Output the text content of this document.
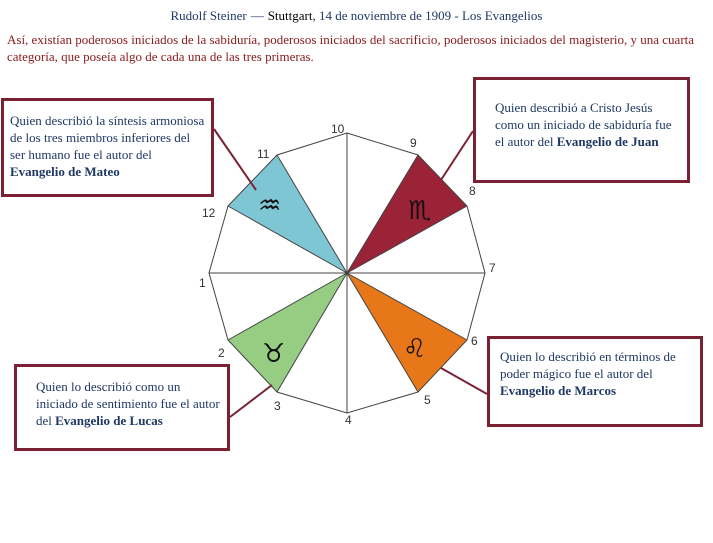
Rudolf Steiner — Stuttgart, 14 de noviembre de 1909 - Los Evangelios
Así, existían poderosos iniciados de la sabiduría, poderosos iniciados del sacrificio, poderosos iniciados del magisterio, y una cuarta categoría, que poseía algo de cada una de las tres primeras.
10
9
8
7
6
5
4
3
2
1
12
11
♒	♏
♌
♉
Quien describió la síntesis armoniosa de los tres miembros inferiores del ser humano fue el autor del Evangelio de Mateo
Quien describió a Cristo Jesús como un iniciado de sabiduría fue el autor del Evangelio de Juan
Quien lo describió como un iniciado de sentimiento fue el autor del Evangelio de Lucas
Quien lo describió en términos de poder mágico fue el autor del Evangelio de Marcos
